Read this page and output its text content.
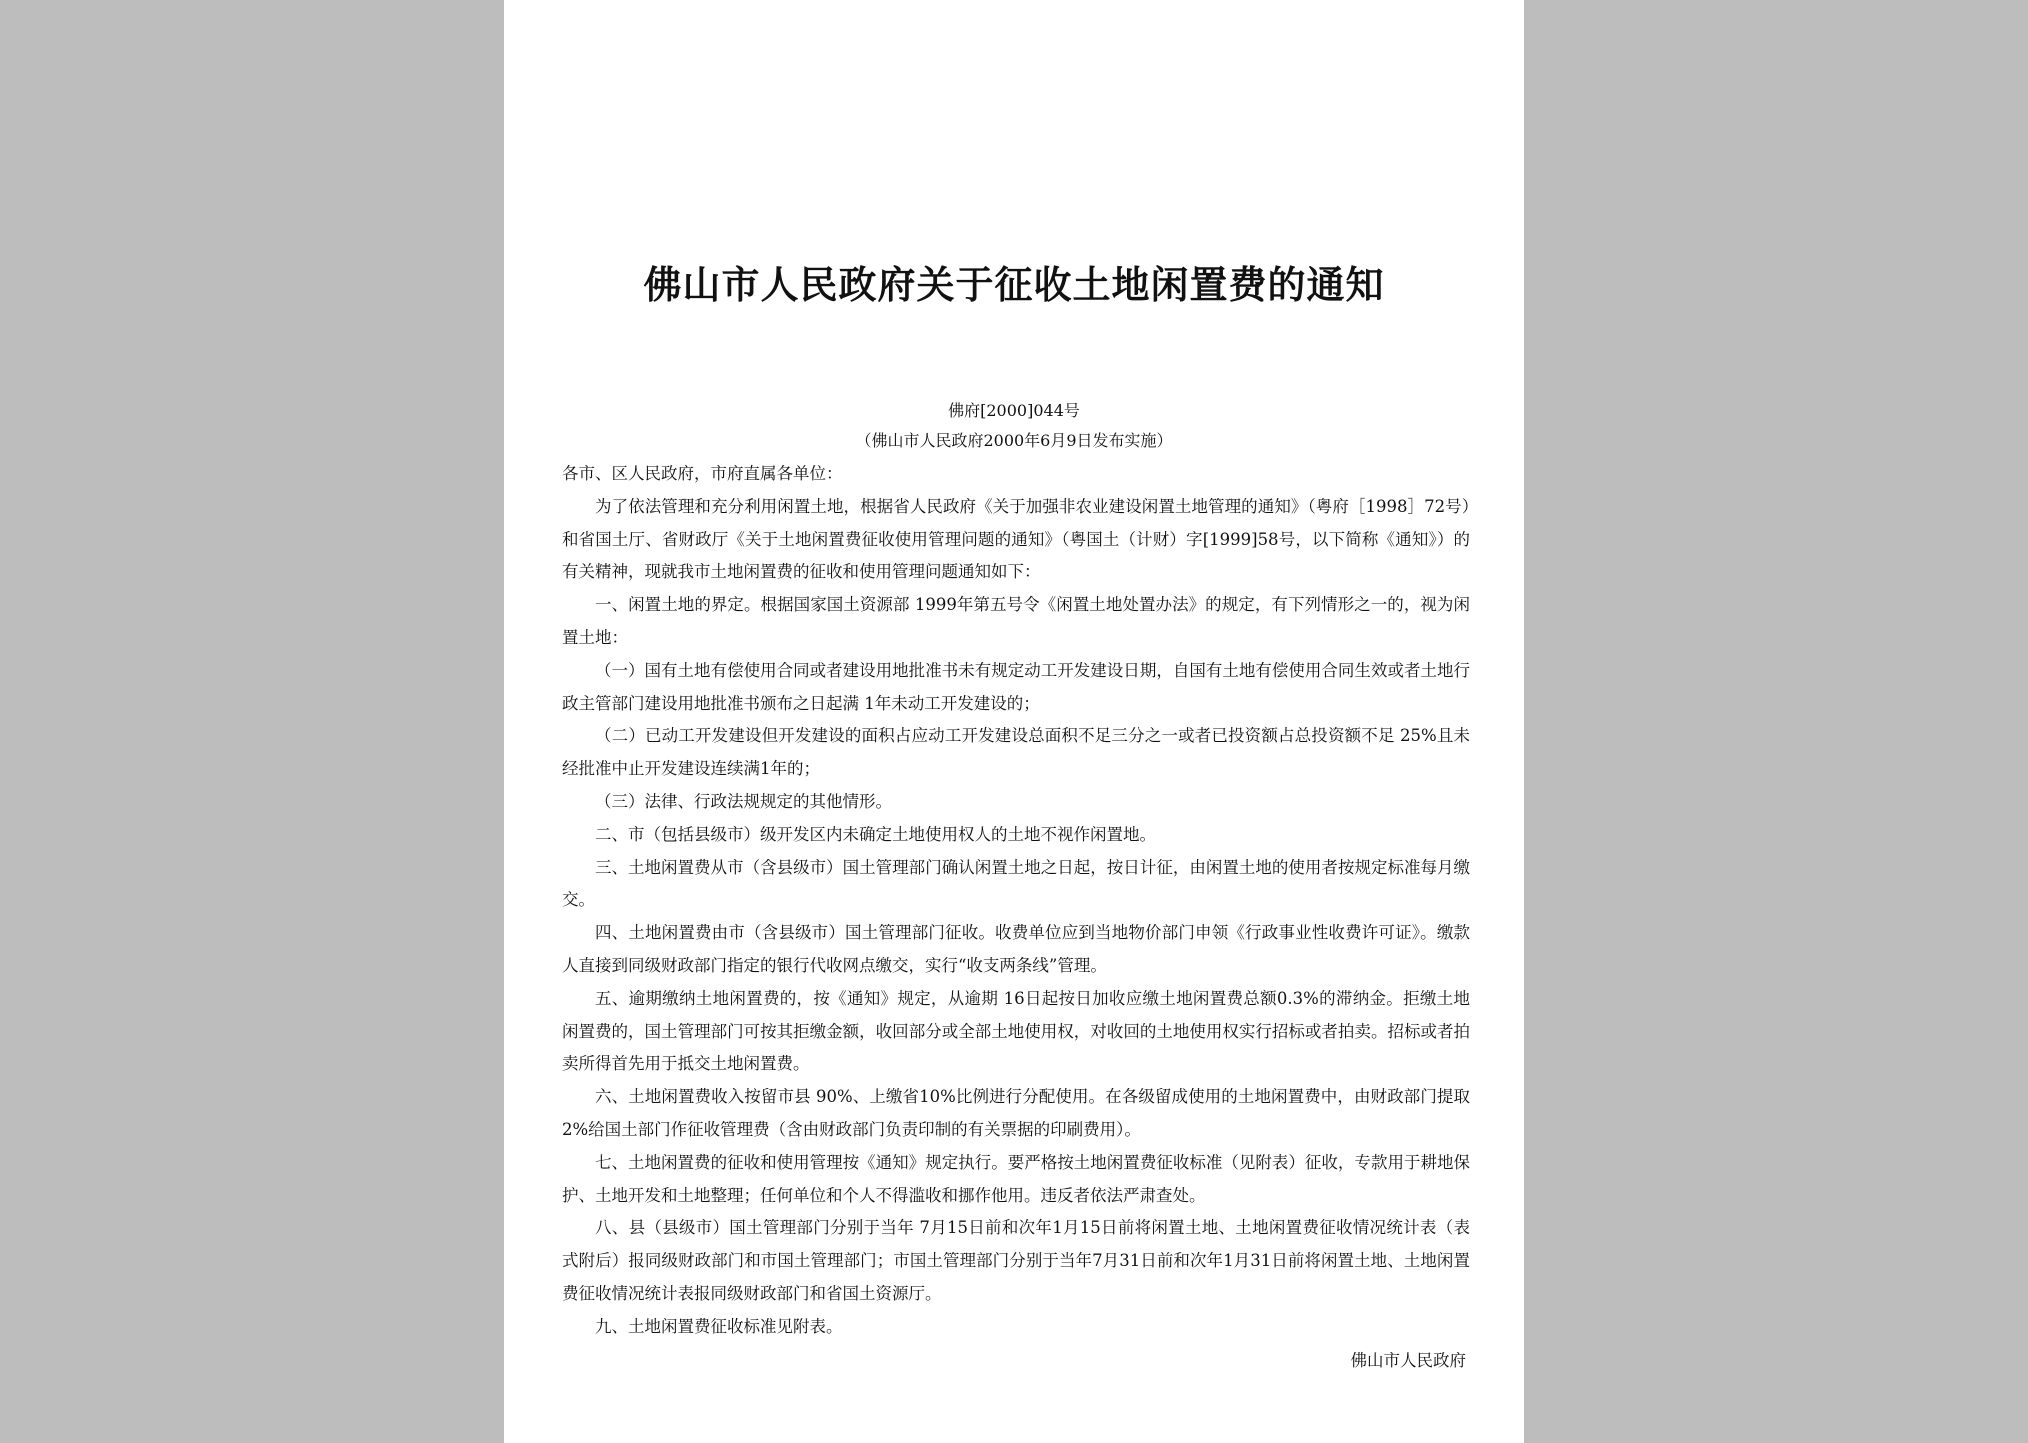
佛山市人民政府关于征收土地闲置费的通知
佛府[2000]044号
（佛山市人民政府2000年6月9日发布实施）

各市、区人民政府，市府直属各单位：

为了依法管理和充分利用闲置土地，根据省人民政府《关于加强非农业建设闲置土地管理的通知》（粤府［1998］72号）和省国土厅、省财政厅《关于土地闲置费征收使用管理问题的通知》（粤国土（计财）字[1999]58号，以下简称《通知》）的有关精神，现就我市土地闲置费的征收和使用管理问题通知如下：

一、闲置土地的界定。根据国家国土资源部 1999年第五号令《闲置土地处置办法》的规定，有下列情形之一的，视为闲置土地：

（一）国有土地有偿使用合同或者建设用地批准书未有规定动工开发建设日期，自国有土地有偿使用合同生效或者土地行政主管部门建设用地批准书颁布之日起满 1年未动工开发建设的；

（二）已动工开发建设但开发建设的面积占应动工开发建设总面积不足三分之一或者已投资额占总投资额不足 25%且未经批准中止开发建设连续满1年的；

（三）法律、行政法规规定的其他情形。

二、市（包括县级市）级开发区内未确定土地使用权人的土地不视作闲置地。

三、土地闲置费从市（含县级市）国土管理部门确认闲置土地之日起，按日计征，由闲置土地的使用者按规定标准每月缴交。

四、土地闲置费由市（含县级市）国土管理部门征收。收费单位应到当地物价部门申领《行政事业性收费许可证》。缴款人直接到同级财政部门指定的银行代收网点缴交，实行“收支两条线”管理。

五、逾期缴纳土地闲置费的，按《通知》规定，从逾期 16日起按日加收应缴土地闲置费总额0.3%的滞纳金。拒缴土地闲置费的，国土管理部门可按其拒缴金额，收回部分或全部土地使用权，对收回的土地使用权实行招标或者拍卖。招标或者拍卖所得首先用于抵交土地闲置费。

六、土地闲置费收入按留市县 90%、上缴省10%比例进行分配使用。在各级留成使用的土地闲置费中，由财政部门提取2%给国土部门作征收管理费（含由财政部门负责印制的有关票据的印刷费用）。

七、土地闲置费的征收和使用管理按《通知》规定执行。要严格按土地闲置费征收标准（见附表）征收，专款用于耕地保护、土地开发和土地整理；任何单位和个人不得滥收和挪作他用。违反者依法严肃查处。

八、县（县级市）国土管理部门分别于当年 7月15日前和次年1月15日前将闲置土地、土地闲置费征收情况统计表（表式附后）报同级财政部门和市国土管理部门；市国土管理部门分别于当年7月31日前和次年1月31日前将闲置土地、土地闲置费征收情况统计表报同级财政部门和省国土资源厅。

九、土地闲置费征收标准见附表。

佛山市人民政府
